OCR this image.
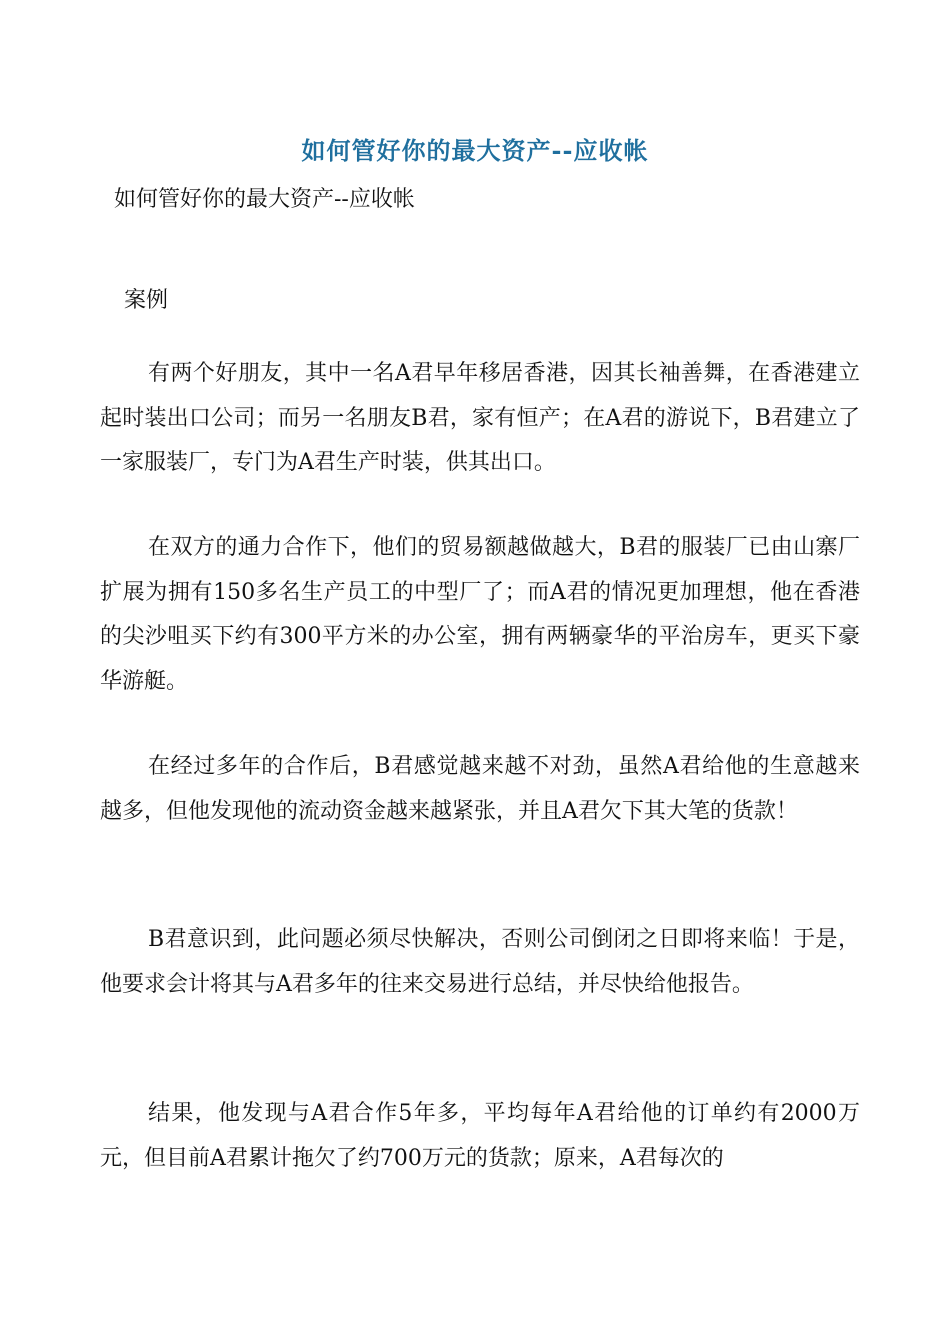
如何管好你的最大资产--应收帐

如何管好你的最大资产--应收帐

案例

有两个好朋友，其中一名A君早年移居香港，因其长袖善舞，在香港建立起时装出口公司；而另一名朋友B君，家有恒产；在A君的游说下，B君建立了一家服装厂，专门为A君生产时装，供其出口。

在双方的通力合作下，他们的贸易额越做越大，B君的服装厂已由山寨厂扩展为拥有150多名生产员工的中型厂了；而A君的情况更加理想，他在香港的尖沙咀买下约有300平方米的办公室，拥有两辆豪华的平治房车，更买下豪华游艇。

在经过多年的合作后，B君感觉越来越不对劲，虽然A君给他的生意越来越多，但他发现他的流动资金越来越紧张，并且A君欠下其大笔的货款！

B君意识到，此问题必须尽快解决，否则公司倒闭之日即将来临！于是，他要求会计将其与A君多年的往来交易进行总结，并尽快给他报告。

结果，他发现与A君合作5年多，平均每年A君给他的订单约有2000万元，但目前A君累计拖欠了约700万元的货款；原来，A君每次的
